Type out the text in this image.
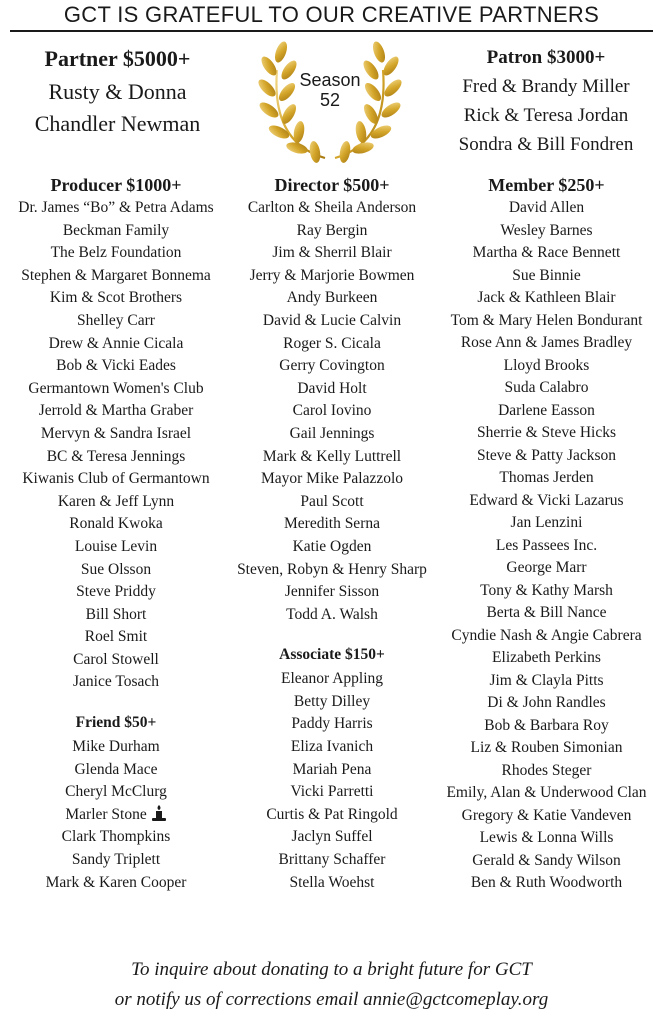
GCT IS GRATEFUL TO OUR CREATIVE PARTNERS
Partner $5000+
Rusty & Donna
Chandler Newman
Season
52
Patron $3000+
Fred & Brandy Miller
Rick & Teresa Jordan
Sondra & Bill Fondren
Producer $1000+
Dr. James “Bo” & Petra Adams
Beckman Family
The Belz Foundation
Stephen & Margaret Bonnema
Kim & Scot Brothers
Shelley Carr
Drew & Annie Cicala
Bob & Vicki Eades
Germantown Women's Club
Jerrold & Martha Graber
Mervyn & Sandra Israel
BC & Teresa Jennings
Kiwanis Club of Germantown
Karen & Jeff Lynn
Ronald Kwoka
Louise Levin
Sue Olsson
Steve Priddy
Bill Short
Roel Smit
Carol Stowell
Janice Tosach
Friend $50+
Mike Durham
Glenda Mace
Cheryl McClurg
Marler Stone
Clark Thompkins
Sandy Triplett
Mark & Karen Cooper
Director $500+
Carlton & Sheila Anderson
Ray Bergin
Jim & Sherril Blair
Jerry & Marjorie Bowmen
Andy Burkeen
David & Lucie Calvin
Roger S. Cicala
Gerry Covington
David Holt
Carol Iovino
Gail Jennings
Mark & Kelly Luttrell
Mayor Mike Palazzolo
Paul Scott
Meredith Serna
Katie Ogden
Steven, Robyn & Henry Sharp
Jennifer Sisson
Todd A. Walsh
Associate $150+
Eleanor Appling
Betty Dilley
Paddy Harris
Eliza Ivanich
Mariah Pena
Vicki Parretti
Curtis & Pat Ringold
Jaclyn Suffel
Brittany Schaffer
Stella Woehst
Member $250+
David Allen
Wesley Barnes
Martha & Race Bennett
Sue Binnie
Jack & Kathleen Blair
Tom & Mary Helen Bondurant
Rose Ann & James Bradley
Lloyd Brooks
Suda Calabro
Darlene Easson
Sherrie & Steve Hicks
Steve & Patty Jackson
Thomas Jerden
Edward & Vicki Lazarus
Jan Lenzini
Les Passees Inc.
George Marr
Tony & Kathy Marsh
Berta & Bill Nance
Cyndie Nash & Angie Cabrera
Elizabeth Perkins
Jim & Clayla Pitts
Di & John Randles
Bob & Barbara Roy
Liz & Rouben Simonian
Rhodes Steger
Emily, Alan & Underwood Clan
Gregory & Katie Vandeven
Lewis & Lonna Wills
Gerald & Sandy Wilson
Ben & Ruth Woodworth
To inquire about donating to a bright future for GCT
or notify us of corrections email annie@gctcomeplay.org
